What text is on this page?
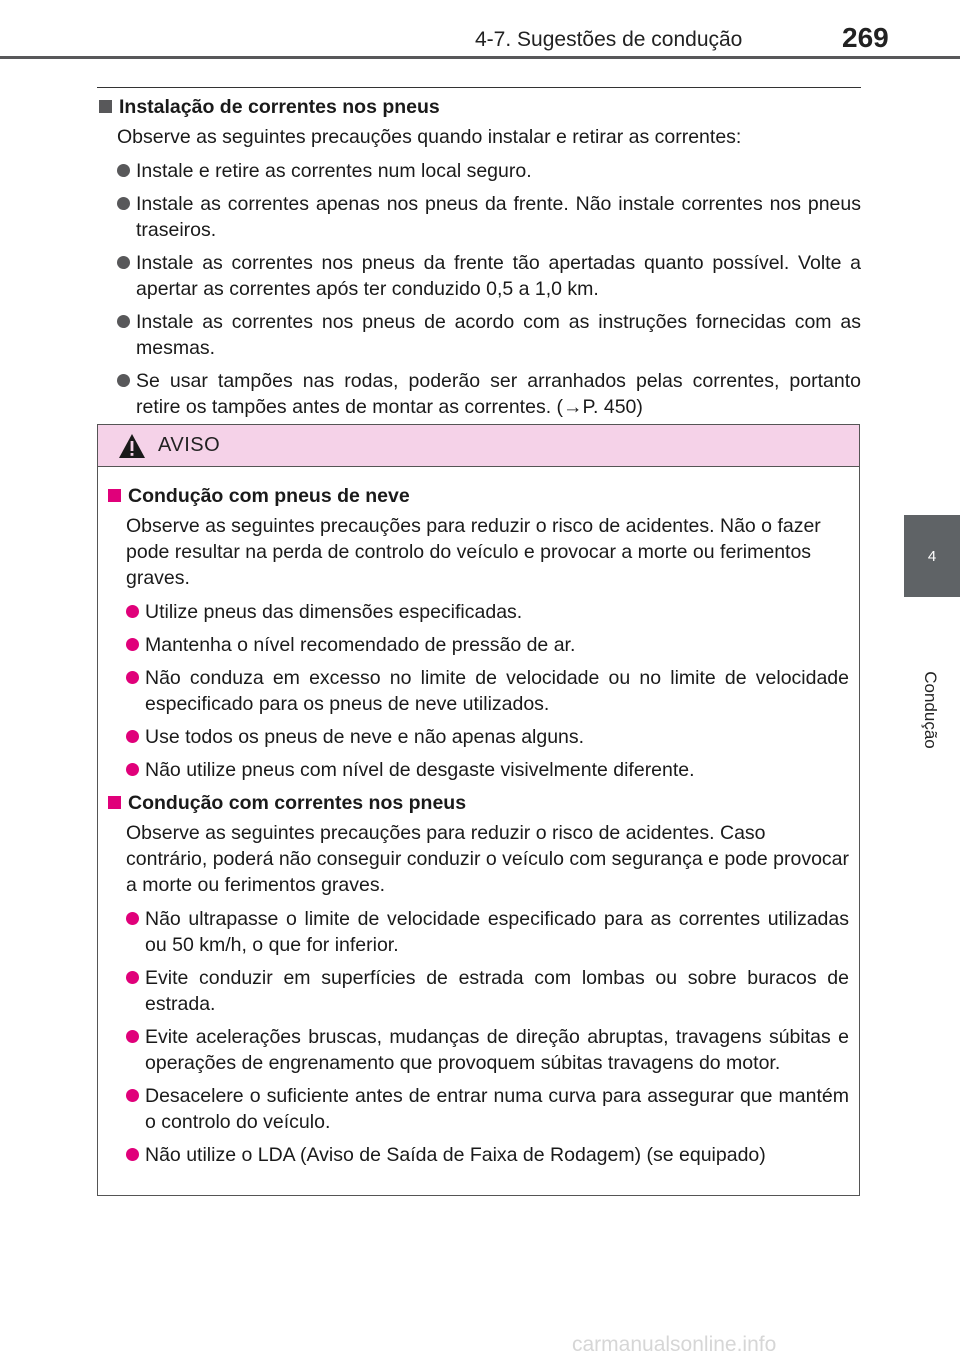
4-7. Sugestões de condução	269
4
Condução
Instalação de correntes nos pneus
Observe as seguintes precauções quando instalar e retirar as correntes:
Instale e retire as correntes num local seguro.
Instale as correntes apenas nos pneus da frente. Não instale correntes nos pneus traseiros.
Instale as correntes nos pneus da frente tão apertadas quanto possível. Volte a apertar as correntes após ter conduzido 0,5 a 1,0 km.
Instale as correntes nos pneus de acordo com as instruções fornecidas com as mesmas.
Se usar tampões nas rodas, poderão ser arranhados pelas correntes, portanto retire os tampões antes de montar as correntes. (→P. 450)
AVISO
Condução com pneus de neve
Observe as seguintes precauções para reduzir o risco de acidentes. Não o fazer pode resultar na perda de controlo do veículo e provocar a morte ou ferimentos graves.
Utilize pneus das dimensões especificadas.
Mantenha o nível recomendado de pressão de ar.
Não conduza em excesso no limite de velocidade ou no limite de velocidade especificado para os pneus de neve utilizados.
Use todos os pneus de neve e não apenas alguns.
Não utilize pneus com nível de desgaste visivelmente diferente.
Condução com correntes nos pneus
Observe as seguintes precauções para reduzir o risco de acidentes. Caso contrário, poderá não conseguir conduzir o veículo com segurança e pode provocar a morte ou ferimentos graves.
Não ultrapasse o limite de velocidade especificado para as correntes utilizadas ou 50 km/h, o que for inferior.
Evite conduzir em superfícies de estrada com lombas ou sobre buracos de estrada.
Evite acelerações bruscas, mudanças de direção abruptas, travagens súbitas e operações de engrenamento que provoquem súbitas travagens do motor.
Desacelere o suficiente antes de entrar numa curva para assegurar que mantém o controlo do veículo.
Não utilize o LDA (Aviso de Saída de Faixa de Rodagem) (se equipado)
carmanualsonline.info
